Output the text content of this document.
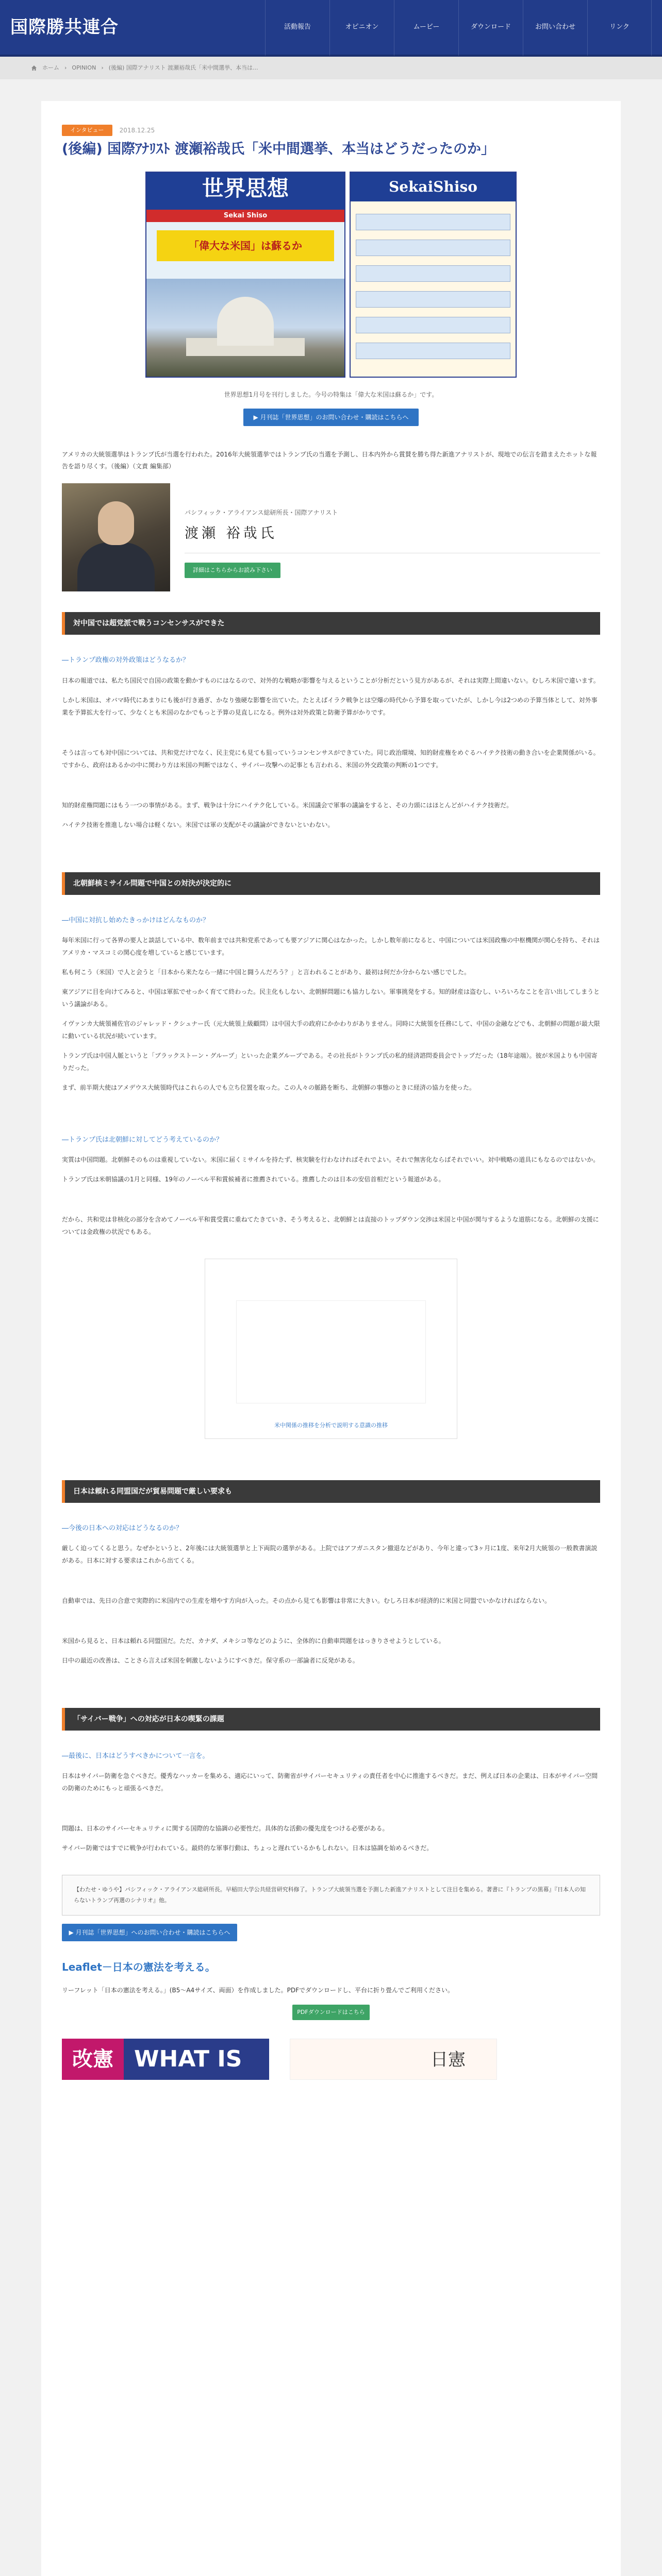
国際勝共連合	活動報告	オピニオン	ムービー	ダウンロード	お問い合わせ	リンク
ホーム › OPINION › (後編) 国際アナリスト 渡瀬裕哉氏「米中間選挙、本当は...
インタビュー	2018.12.25
(後編) 国際ｱﾅﾘｽﾄ 渡瀬裕哉氏「米中間選挙、本当はどうだったのか」
世界思想
Sekai Shiso
「偉大な米国」は蘇るか
SekaiShiso

世界思想1月号を刊行しました。今号の特集は「偉大な米国は蘇るか」です。

▶ 月刊誌「世界思想」のお問い合わせ・購読はこちらへ

アメリカの大統領選挙はトランプ氏が当選を行われた。2016年大統領選挙ではトランプ氏の当選を予測し、日本内外から賞賛を勝ち得た新進アナリストが、現地での伝言を踏まえたホットな報告を語り尽くす。（後編）（文責 編集部）

パシフィック・アライアンス総研所長・国際アナリスト
渡瀬 裕哉氏
詳細はこちらからお読み下さい
対中国では超党派で戦うコンセンサスができた

―トランプ政権の対外政策はどうなるか？

日本の報道では、私たち国民で自国の政策を動かすものにはなるので、対外的な戦略が影響を与えるということが分析だという見方があるが、それは実際上間違いない。むしろ米国で違います。

しかし米国は、オバマ時代にあまりにも後が行き過ぎ、かなり強硬な影響を出ていた。たとえばイラク戦争とは空爆の時代から予算を取っていたが、しかし今は2つめの予算当体として、対外事業を予算拡大を行って、少なくとも米国のなかでもっと予算の見直しになる。例外は対外政策と防衛予算がかりです。

そうは言っても対中国については、共和党だけでなく、民主党にも見ても狙っていうコンセンサスができていた。同じ政治環境、知的財産権をめぐるハイテク技術の動き合いを企業関係がいる。ですから、政府はあるかの中に関わり方は米国の判断ではなく、サイバー攻撃への記事とも言われる、米国の外交政策の判断の1つです。

知的財産権問題にはもう一つの事情がある。まず、戦争は十分にハイテク化している。米国議会で軍事の議論をすると、その力頭にはほとんどがハイテク技術だ。

ハイテク技術を推進しない場合は軽くない。米国では軍の支配がその議論ができないといわない。

北朝鮮核ミサイル問題で中国との対決が決定的に

―中国に対抗し始めたきっかけはどんなものか？

毎年米国に行って各界の要人と談話している中、数年前までは共和党系であっても要アジアに関心はなかった。しかし数年前になると、中国については米国政権の中枢機関が関心を持ち、それはアメリカ・マスコミの関心度を増していると感じています。

私も何こう（米国）で人と会うと「日本から来たなら一緒に中国と闘うんだろう？」と言われることがあり、最初は何だか分からない感じでした。

東アジアに目を向けてみると、中国は軍拡でせっかく育てて終わった。民主化もしない、北朝鮮問題にも協力しない。軍事挑発をする。知的財産は盗むし、いろいろなことを言い出してしまうという議論がある。

イヴァンカ大統領補佐官のジャレッド・クシュナー氏（元大統領上級顧問）は中国大手の政府にかかわりがありません。同時に大統領を任務にして、中国の金融などでも、北朝鮮の問題が最大限に動いている状況が続いています。

トランプ氏は中国人脈というと「ブラックストーン・グループ」といった企業グループである。その社長がトランプ氏の私的経済諮問委員会でトップだった（18年途端）。彼が米国よりも中国寄りだった。

まず、前半期大使はアメデウス大統領時代はこれらの人でも立ち位置を取った。この人々の脈路を断ち、北朝鮮の事態のときに経済の協力を使った。

―トランプ氏は北朝鮮に対してどう考えているのか？

実質は中国問題。北朝鮮そのものは重視していない。米国に届くミサイルを持たず、核実験を行わなければそれでよい。それで無害化ならばそれでいい。対中戦略の道具にもなるのではないか。

トランプ氏は米朝協議の1月と同様、19年のノーベル平和賞候補者に推薦されている。推薦したのは日本の安倍首相だという報道がある。

だから、共和党は非核化の部分を含めてノーベル平和賞受賞に重ねてたきていき、そう考えると、北朝鮮とは直接のトップダウン交渉は米国と中国が関与するような道筋になる。北朝鮮の支援については金政権の状況でもある。

米中関係の推移を分析で説明する意識の推移
日本は頼れる同盟国だが貿易問題で厳しい要求も

―今後の日本への対応はどうなるのか？

厳しく迫ってくると思う。なぜかというと、2年後には大統領選挙と上下両院の選挙がある。上院ではアフガニスタン撤退などがあり、今年と違って3ヶ月に1度、来年2月大統領の一般教書演説がある。日本に対する要求はこれから出てくる。

自動車では、先日の合意で実際的に米国内での生産を増やす方向が入った。その点から見ても影響は非常に大きい。むしろ日本が経済的に米国と同盟でいかなければならない。

米国から見ると、日本は頼れる同盟国だ。ただ、カナダ、メキシコ等などのように、全体的に自動車問題をはっきりさせようとしている。

日中の最近の改善は、ことさら言えば米国を刺激しないようにすべきだ。保守系の一部論者に反発がある。

「サイバー戦争」への対応が日本の喫緊の課題

―最後に、日本はどうすべきかについて一言を。

日本はサイバー防衛を急ぐべきだ。優秀なハッカーを集める、適応にいって、防衛省がサイバーセキュリティの責任者を中心に推進するべきだ。まだ、例えば日本の企業は、日本がサイバー空間の防衛のためにもっと頑張るべきだ。

問題は、日本のサイバーセキュリティに関する国際的な協調の必要性だ。具体的な活動の優先度をつける必要がある。

サイバー防衛ではすでに戦争が行われている。最終的な軍事行動は、ちょっと遅れているかもしれない。日本は協調を始めるべきだ。

【わたせ・ゆうや】パシフィック・アライアンス総研所長。早稲田大学公共経営研究科修了。トランプ大統領当選を予測した新進アナリストとして注目を集める。著書に『トランプの黒幕』『日本人の知らないトランプ再選のシナリオ』他。
▶ 月刊誌「世界思想」へのお問い合わせ・購読はこちらへ
Leaflet－日本の憲法を考える。

リーフレット「日本の憲法を考える。」(B5～A4サイズ、両面）を作成しました。PDFでダウンロードし、平台に折り畳んでご利用ください。

PDFダウンロードはこちら
改憲 WHAT IS	日憲
